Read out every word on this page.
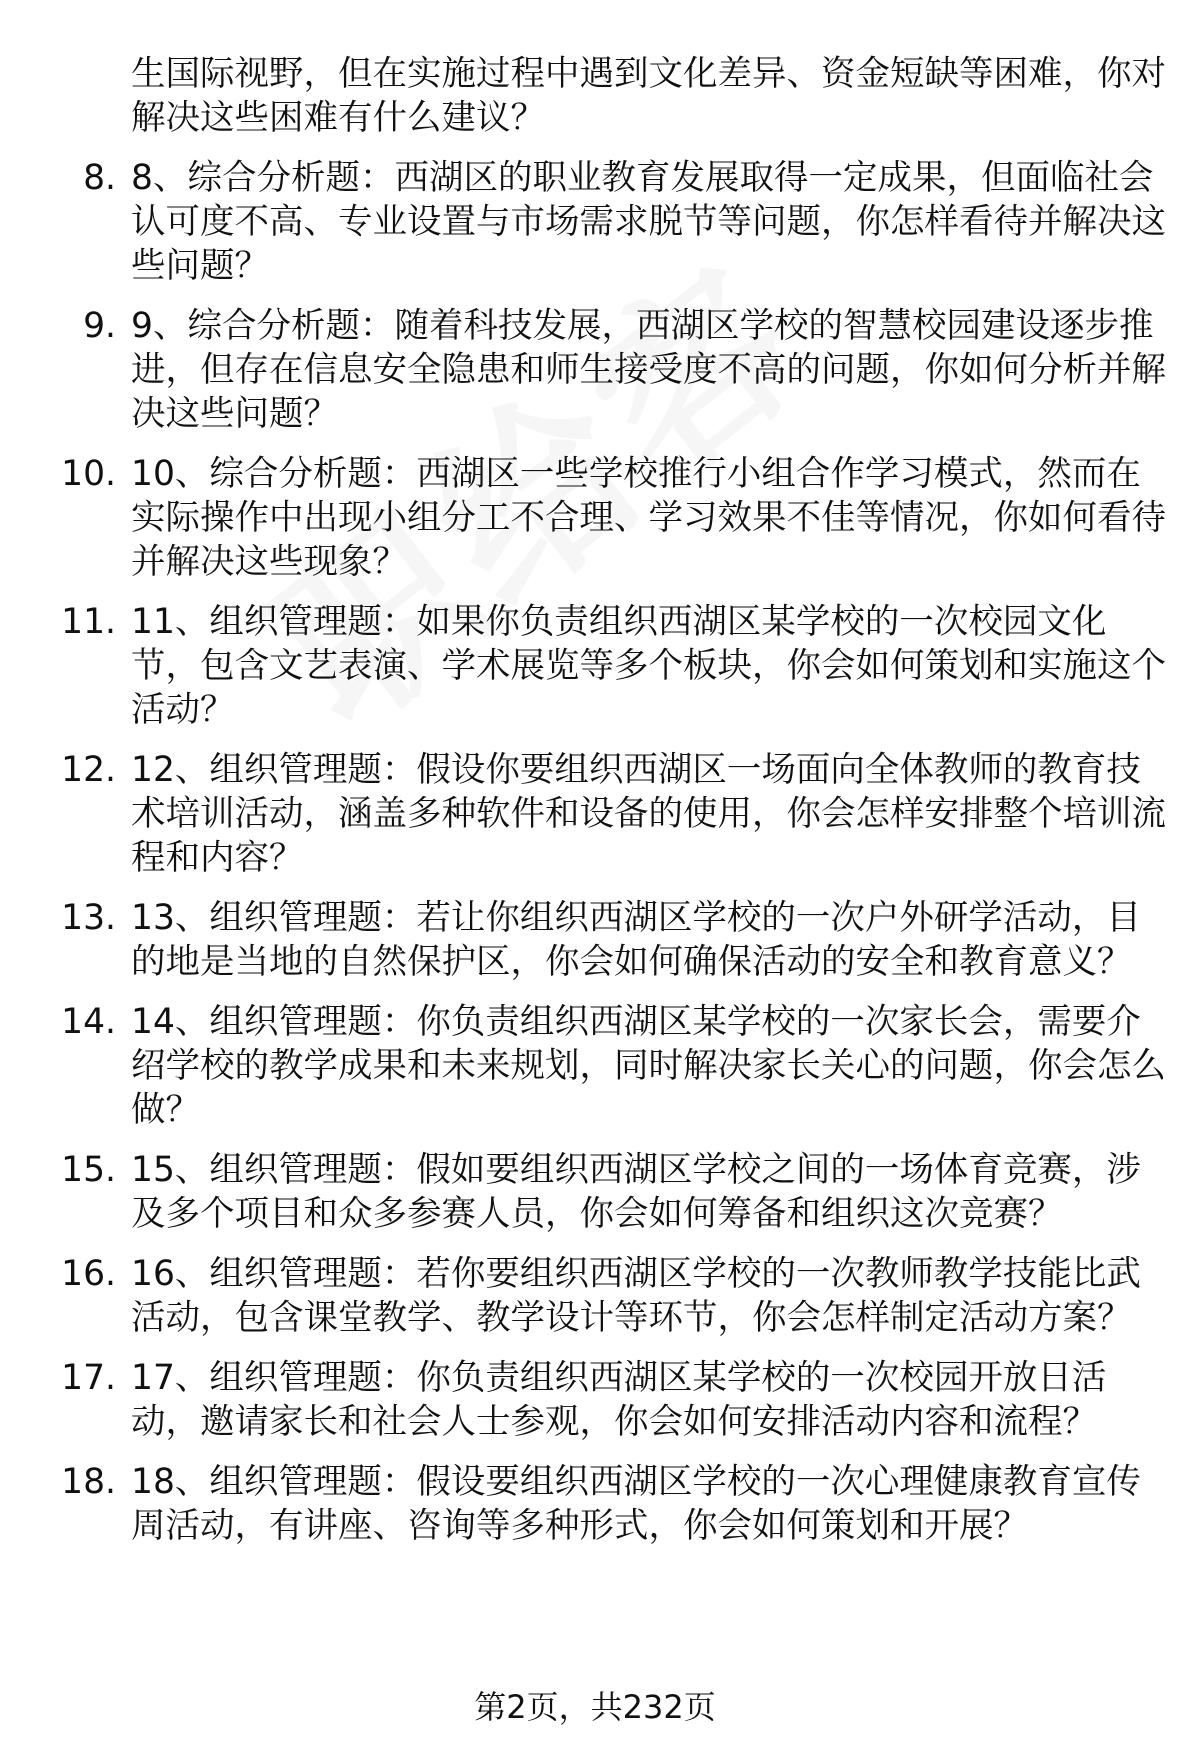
生国际视野，但在实施过程中遇到文化差异、资金短缺等困难，你对解决这些困难有什么建议？

8. 8、综合分析题：西湖区的职业教育发展取得一定成果，但面临社会认可度不高、专业设置与市场需求脱节等问题，你怎样看待并解决这些问题？
9. 9、综合分析题：随着科技发展，西湖区学校的智慧校园建设逐步推进，但存在信息安全隐患和师生接受度不高的问题，你如何分析并解决这些问题？
10. 10、综合分析题：西湖区一些学校推行小组合作学习模式，然而在实际操作中出现小组分工不合理、学习效果不佳等情况，你如何看待并解决这些现象？
11. 11、组织管理题：如果你负责组织西湖区某学校的一次校园文化节，包含文艺表演、学术展览等多个板块，你会如何策划和实施这个活动？
12. 12、组织管理题：假设你要组织西湖区一场面向全体教师的教育技术培训活动，涵盖多种软件和设备的使用，你会怎样安排整个培训流程和内容？
13. 13、组织管理题：若让你组织西湖区学校的一次户外研学活动，目的地是当地的自然保护区，你会如何确保活动的安全和教育意义？
14. 14、组织管理题：你负责组织西湖区某学校的一次家长会，需要介绍学校的教学成果和未来规划，同时解决家长关心的问题，你会怎么做？
15. 15、组织管理题：假如要组织西湖区学校之间的一场体育竞赛，涉及多个项目和众多参赛人员，你会如何筹备和组织这次竞赛？
16. 16、组织管理题：若你要组织西湖区学校的一次教师教学技能比武活动，包含课堂教学、教学设计等环节，你会怎样制定活动方案？
17. 17、组织管理题：你负责组织西湖区某学校的一次校园开放日活动，邀请家长和社会人士参观，你会如何安排活动内容和流程？
18. 18、组织管理题：假设要组织西湖区学校的一次心理健康教育宣传周活动，有讲座、咨询等多种形式，你会如何策划和开展？
第2页，共232页
